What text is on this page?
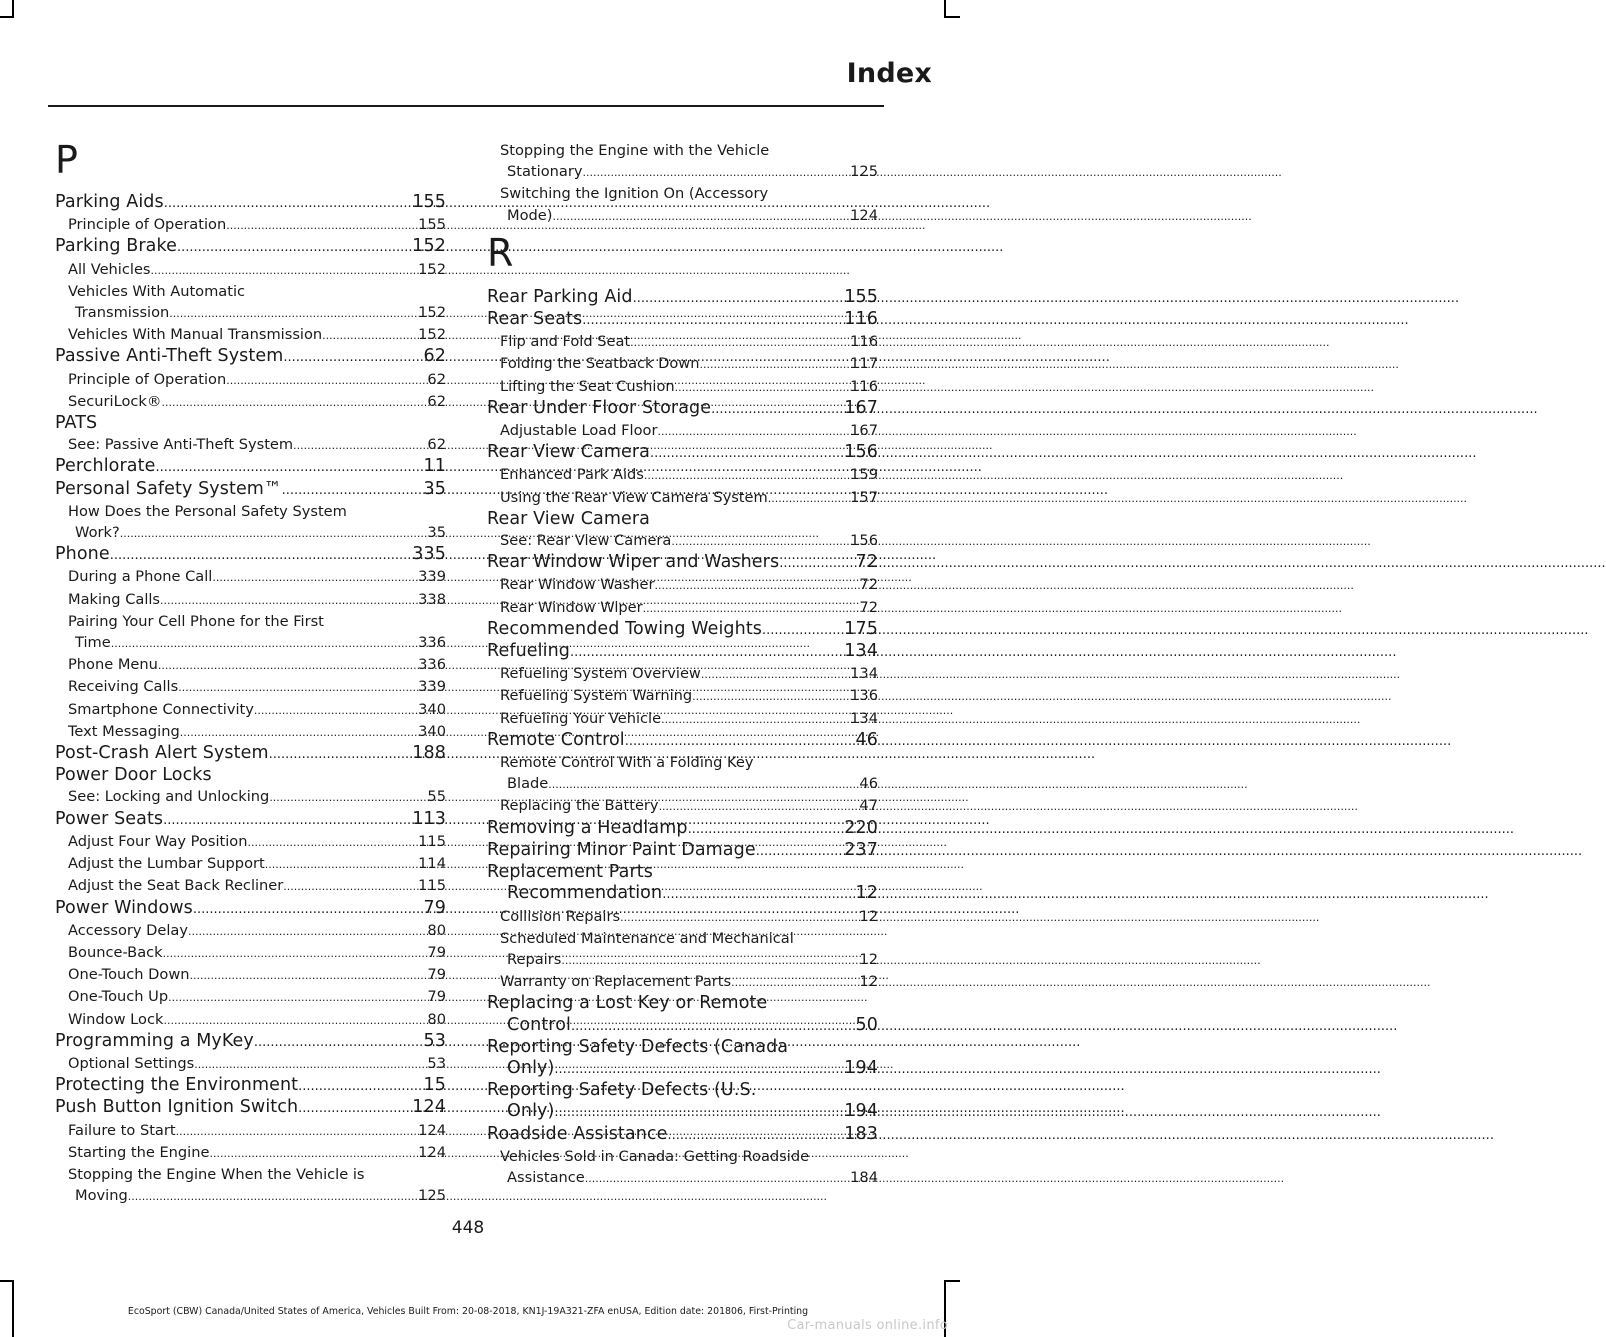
Index
P
Parking Aids .....	155
Principle of Operation .....	155
Parking Brake .....	152
All Vehicles .....	152
Vehicles With Automatic
Transmission .....	152
Vehicles With Manual Transmission .....	152
Passive Anti-Theft System .....	62
Principle of Operation .....	62
SecuriLock® .....	62
PATS
See: Passive Anti-Theft System .....	62
Perchlorate .....	11
Personal Safety System™ .....	35
How Does the Personal Safety System
Work? .....	35
Phone .....	335
During a Phone Call .....	339
Making Calls .....	338
Pairing Your Cell Phone for the First
Time .....	336
Phone Menu .....	336
Receiving Calls .....	339
Smartphone Connectivity .....	340
Text Messaging .....	340
Post-Crash Alert System .....	188
Power Door Locks
See: Locking and Unlocking .....	55
Power Seats .....	113
Adjust Four Way Position .....	115
Adjust the Lumbar Support .....	114
Adjust the Seat Back Recliner .....	115
Power Windows .....	79
Accessory Delay .....	80
Bounce-Back .....	79
One-Touch Down .....	79
One-Touch Up .....	79
Window Lock .....	80
Programming a MyKey .....	53
Optional Settings .....	53
Protecting the Environment .....	15
Push Button Ignition Switch .....	124
Failure to Start .....	124
Starting the Engine .....	124
Stopping the Engine When the Vehicle is
Moving .....	125
Stopping the Engine with the Vehicle
Stationary .....	125
Switching the Ignition On (Accessory
Mode) .....	124
R
Rear Parking Aid .....	155
Rear Seats .....	116
Flip and Fold Seat .....	116
Folding the Seatback Down .....	117
Lifting the Seat Cushion .....	116
Rear Under Floor Storage .....	167
Adjustable Load Floor .....	167
Rear View Camera .....	156
Enhanced Park Aids .....	159
Using the Rear View Camera System .....	157
Rear View Camera
See: Rear View Camera .....	156
Rear Window Wiper and Washers .....	72
Rear Window Washer .....	72
Rear Window Wiper .....	72
Recommended Towing Weights .....	175
Refueling .....	134
Refueling System Overview .....	134
Refueling System Warning .....	136
Refueling Your Vehicle .....	134
Remote Control .....	46
Remote Control With a Folding Key
Blade .....	46
Replacing the Battery .....	47
Removing a Headlamp .....	220
Repairing Minor Paint Damage .....	237
Replacement Parts
Recommendation .....	12
Collision Repairs .....	12
Scheduled Maintenance and Mechanical
Repairs .....	12
Warranty on Replacement Parts .....	12
Replacing a Lost Key or Remote
Control .....	50
Reporting Safety Defects (Canada
Only) .....	194
Reporting Safety Defects (U.S.
Only) .....	194
Roadside Assistance .....	183
Vehicles Sold in Canada: Getting Roadside
Assistance .....	184
448
EcoSport (CBW) Canada/United States of America, Vehicles Built From: 20-08-2018, KN1J-19A321-ZFA enUSA, Edition date: 201806, First-Printing
Car-manuals online.info
